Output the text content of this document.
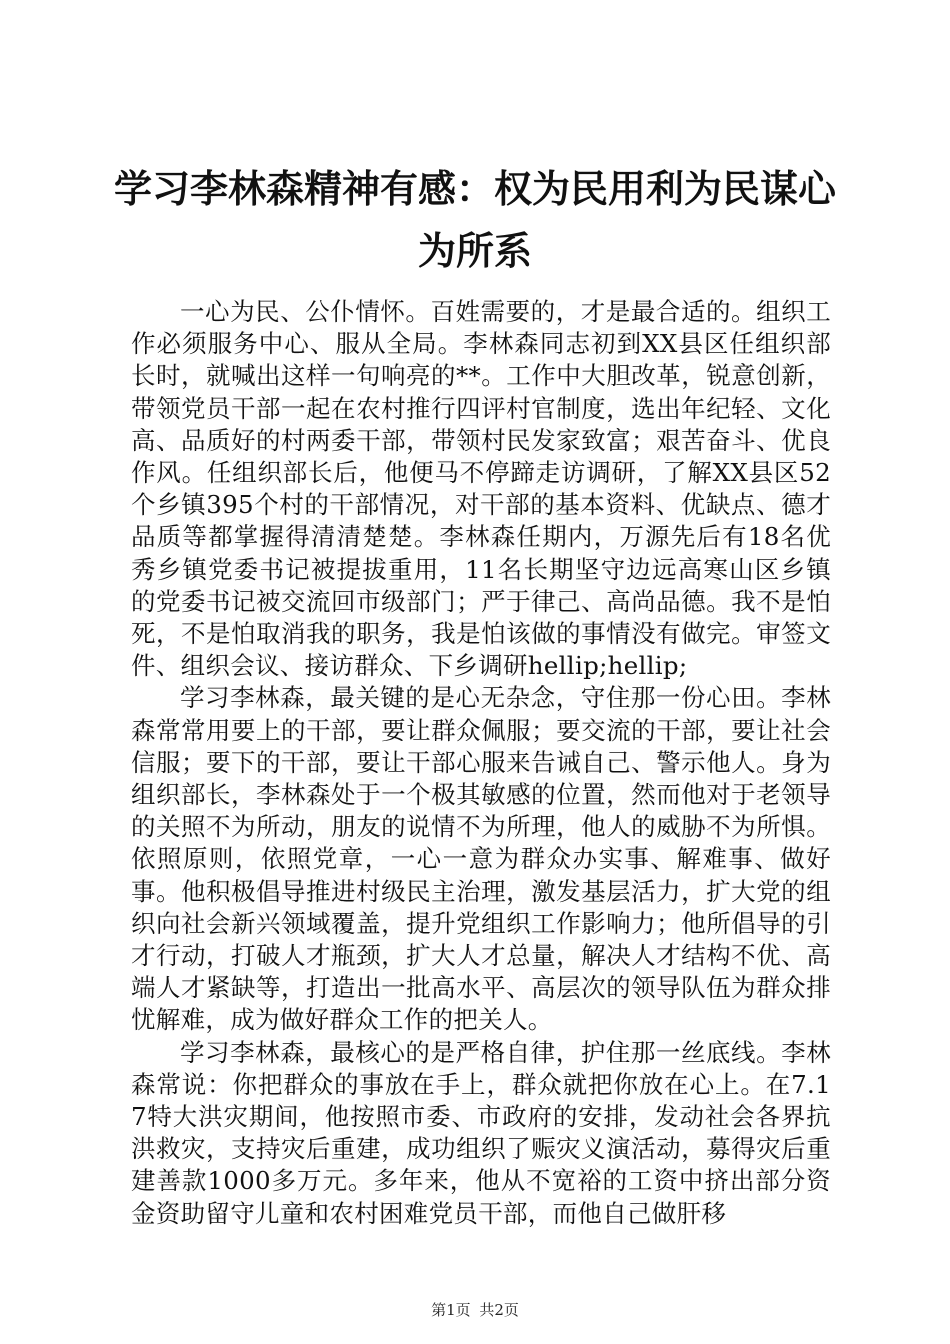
学习李林森精神有感：权为民用利为民谋心为所系

一心为民、公仆情怀。百姓需要的，才是最合适的。组织工作必须服务中心、服从全局。李林森同志初到XX县区任组织部长时，就喊出这样一句响亮的**。工作中大胆改革，锐意创新，带领党员干部一起在农村推行四评村官制度，选出年纪轻、文化高、品质好的村两委干部，带领村民发家致富；艰苦奋斗、优良作风。任组织部长后，他便马不停蹄走访调研，了解XX县区52个乡镇395个村的干部情况，对干部的基本资料、优缺点、德才品质等都掌握得清清楚楚。李林森任期内，万源先后有18名优秀乡镇党委书记被提拔重用，11名长期坚守边远高寒山区乡镇的党委书记被交流回市级部门；严于律己、高尚品德。我不是怕死，不是怕取消我的职务，我是怕该做的事情没有做完。审签文件、组织会议、接访群众、下乡调研hellip;hellip;

学习李林森，最关键的是心无杂念，守住那一份心田。李林森常常用要上的干部，要让群众佩服；要交流的干部，要让社会信服；要下的干部，要让干部心服来告诫自己、警示他人。身为组织部长，李林森处于一个极其敏感的位置，然而他对于老领导的关照不为所动，朋友的说情不为所理，他人的威胁不为所惧。依照原则，依照党章，一心一意为群众办实事、解难事、做好事。他积极倡导推进村级民主治理，激发基层活力，扩大党的组织向社会新兴领域覆盖，提升党组织工作影响力；他所倡导的引才行动，打破人才瓶颈，扩大人才总量，解决人才结构不优、高端人才紧缺等，打造出一批高水平、高层次的领导队伍为群众排忧解难，成为做好群众工作的把关人。

学习李林森，最核心的是严格自律，护住那一丝底线。李林森常说：你把群众的事放在手上，群众就把你放在心上。在7.17特大洪灾期间，他按照市委、市政府的安排，发动社会各界抗洪救灾，支持灾后重建，成功组织了赈灾义演活动，募得灾后重建善款1000多万元。多年来，他从不宽裕的工资中挤出部分资金资助留守儿童和农村困难党员干部，而他自己做肝移

第1页 共2页
